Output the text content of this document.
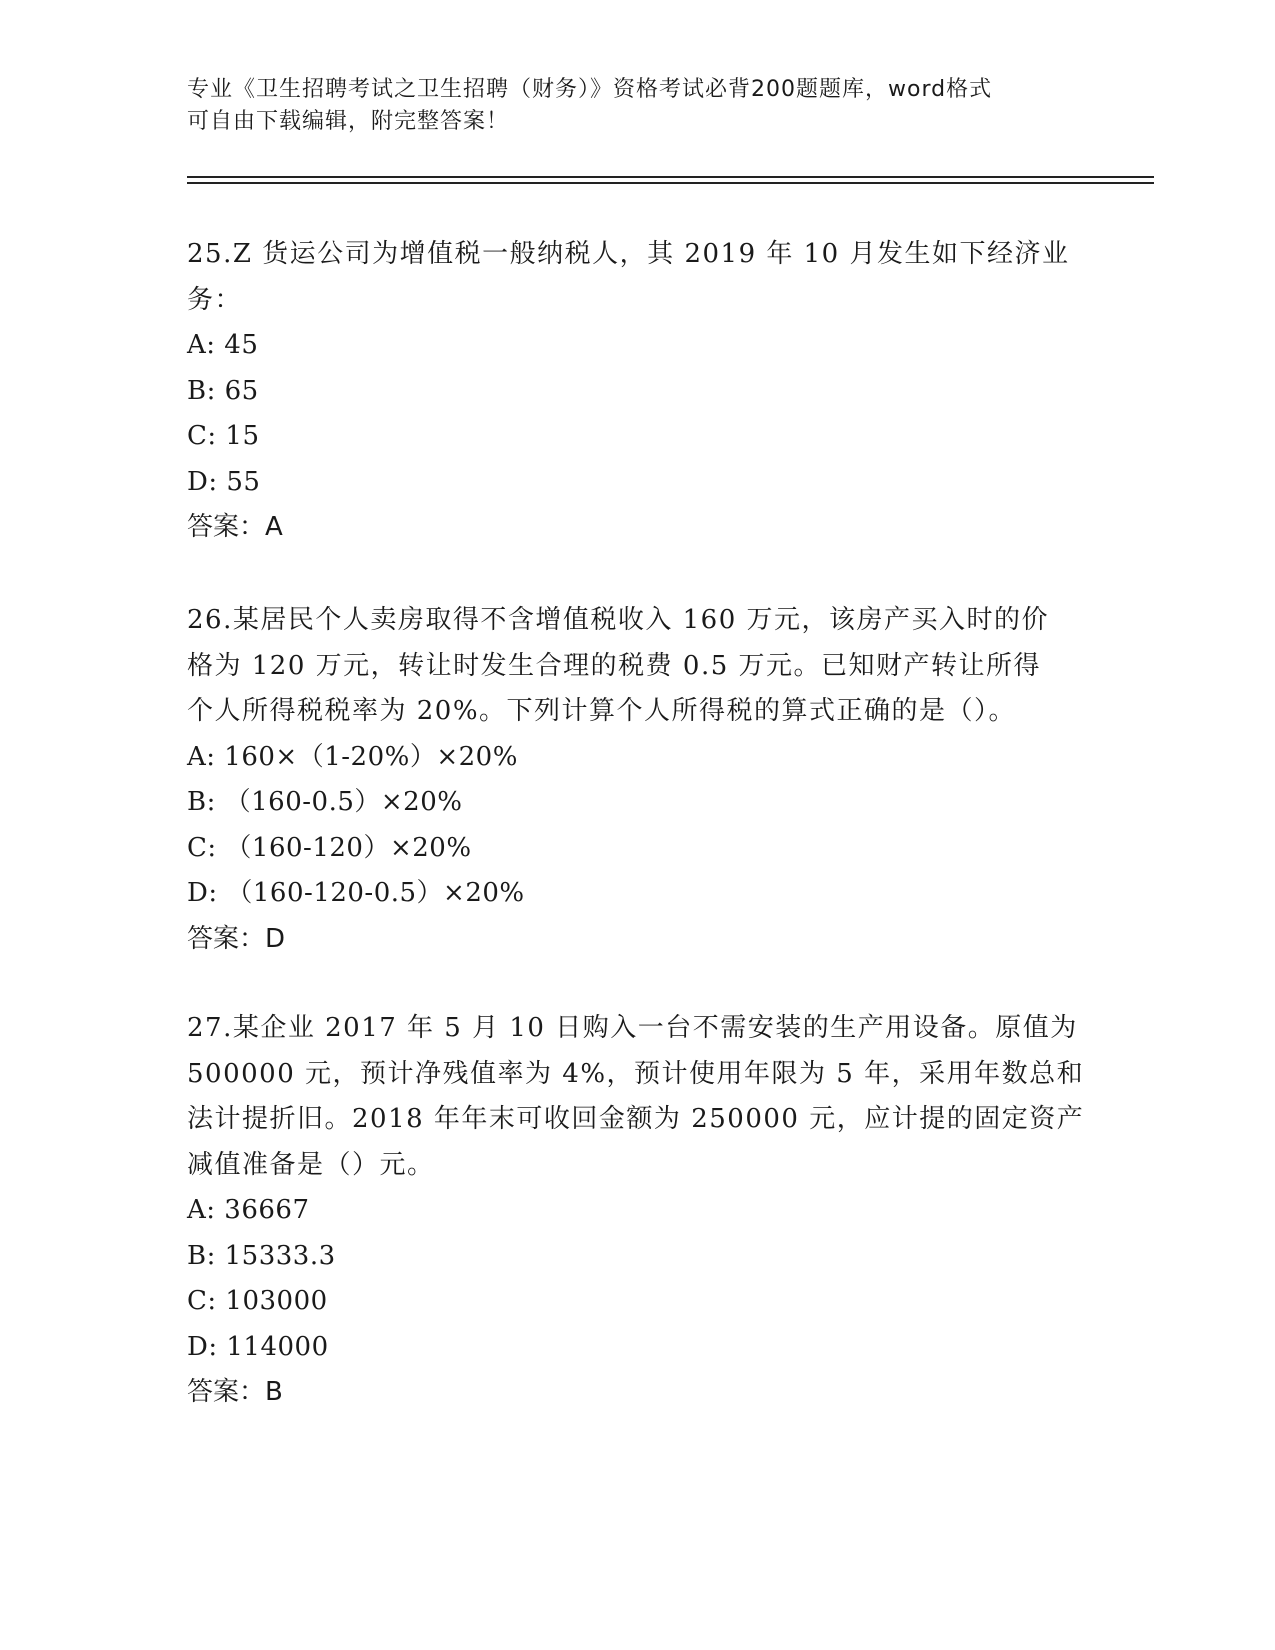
专业《卫生招聘考试之卫生招聘（财务）》资格考试必背200题题库，word格式
可自由下载编辑，附完整答案！

25.Z 货运公司为增值税一般纳税人，其 2019 年 10 月发生如下经济业

务：

A: 45

B: 65

C: 15

D: 55

答案：A

26.某居民个人卖房取得不含增值税收入 160 万元，该房产买入时的价

格为 120 万元，转让时发生合理的税费 0.5 万元。已知财产转让所得

个人所得税税率为 20%。下列计算个人所得税的算式正确的是（）。

A: 160×（1-20%）×20%

B: （160-0.5）×20%

C: （160-120）×20%

D: （160-120-0.5）×20%

答案：D

27.某企业 2017 年 5 月 10 日购入一台不需安装的生产用设备。原值为

500000 元，预计净残值率为 4%，预计使用年限为 5 年，采用年数总和

法计提折旧。2018 年年末可收回金额为 250000 元，应计提的固定资产

减值准备是（）元。

A: 36667

B: 15333.3

C: 103000

D: 114000

答案：B
